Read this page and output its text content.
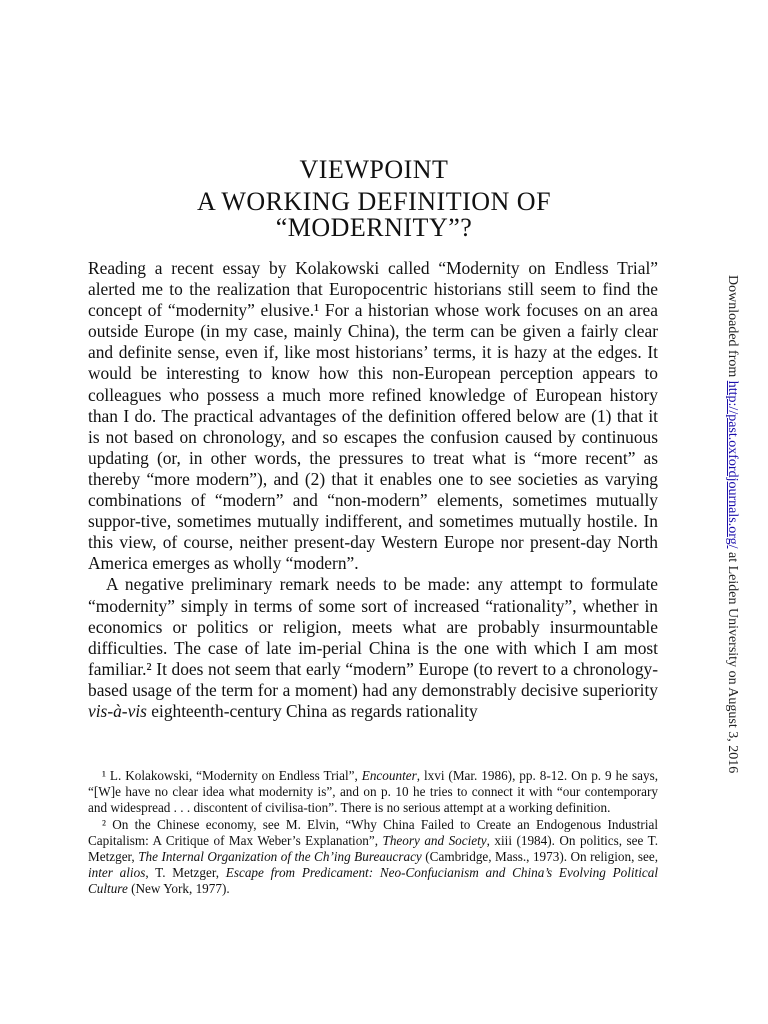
VIEWPOINT
A WORKING DEFINITION OF
“MODERNITY”?

Reading a recent essay by Kolakowski called “Modernity on Endless Trial” alerted me to the realization that Europocentric historians still seem to find the concept of “modernity” elusive.¹ For a historian whose work focuses on an area outside Europe (in my case, mainly China), the term can be given a fairly clear and definite sense, even if, like most historians’ terms, it is hazy at the edges. It would be interesting to know how this non-European perception appears to colleagues who possess a much more refined knowledge of European history than I do. The practical advantages of the definition offered below are (1) that it is not based on chronology, and so escapes the confusion caused by continuous updating (or, in other words, the pressures to treat what is “more recent” as thereby “more modern”), and (2) that it enables one to see societies as varying combinations of “modern” and “non-modern” elements, sometimes mutually suppor-tive, sometimes mutually indifferent, and sometimes mutually hostile. In this view, of course, neither present-day Western Europe nor present-day North America emerges as wholly “modern”.

A negative preliminary remark needs to be made: any attempt to formulate “modernity” simply in terms of some sort of increased “rationality”, whether in economics or politics or religion, meets what are probably insurmountable difficulties. The case of late im-perial China is the one with which I am most familiar.² It does not seem that early “modern” Europe (to revert to a chronology-based usage of the term for a moment) had any demonstrably decisive superiority vis-à-vis eighteenth-century China as regards rationality

¹ L. Kolakowski, “Modernity on Endless Trial”, Encounter, lxvi (Mar. 1986), pp. 8-12. On p. 9 he says, “[W]e have no clear idea what modernity is”, and on p. 10 he tries to connect it with “our contemporary and widespread . . . discontent of civilisa-tion”. There is no serious attempt at a working definition.

² On the Chinese economy, see M. Elvin, “Why China Failed to Create an Endogenous Industrial Capitalism: A Critique of Max Weber’s Explanation”, Theory and Society, xiii (1984). On politics, see T. Metzger, The Internal Organization of the Ch’ing Bureaucracy (Cambridge, Mass., 1973). On religion, see, inter alios, T. Metzger, Escape from Predicament: Neo-Confucianism and China’s Evolving Political Culture (New York, 1977).

Downloaded from http://past.oxfordjournals.org/ at Leiden University on August 3, 2016
